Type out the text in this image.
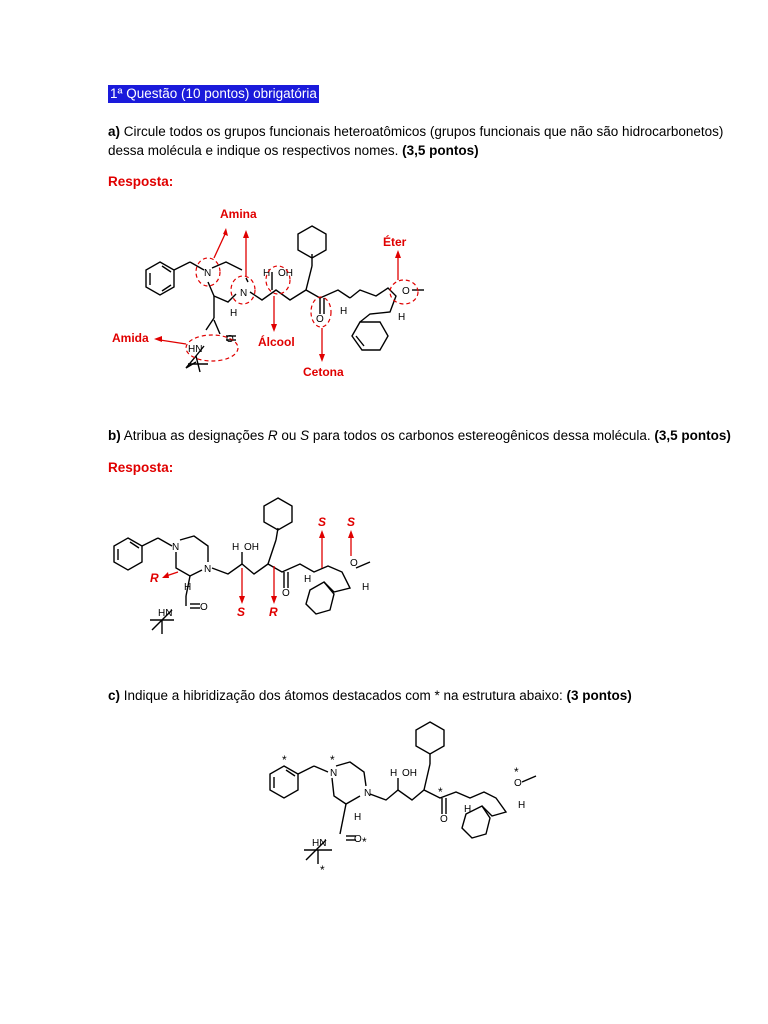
1ª Questão (10 pontos) obrigatória
a) Circule todos os grupos funcionais heteroatômicos (grupos funcionais que não são hidrocarbonetos)
dessa molécula e indique os respectivos nomes. (3,5 pontos)
Resposta:
b) Atribua as designações R ou S para todos os carbonos estereogênicos dessa molécula. (3,5 pontos)
Resposta:
c) Indique a hibridização dos átomos destacados com * na estrutura abaixo: (3 pontos)
N
N
OH
H
H
O
O
H
H
HN
O
Amina
Éter
Amida	Álcool
Cetona
N
N
OH
H
H
O
O
H
H
HN
O
R
S R
S S
N
N
OH
H
H	O
O
H	H
HN	O
*	*
*
*
*
*
